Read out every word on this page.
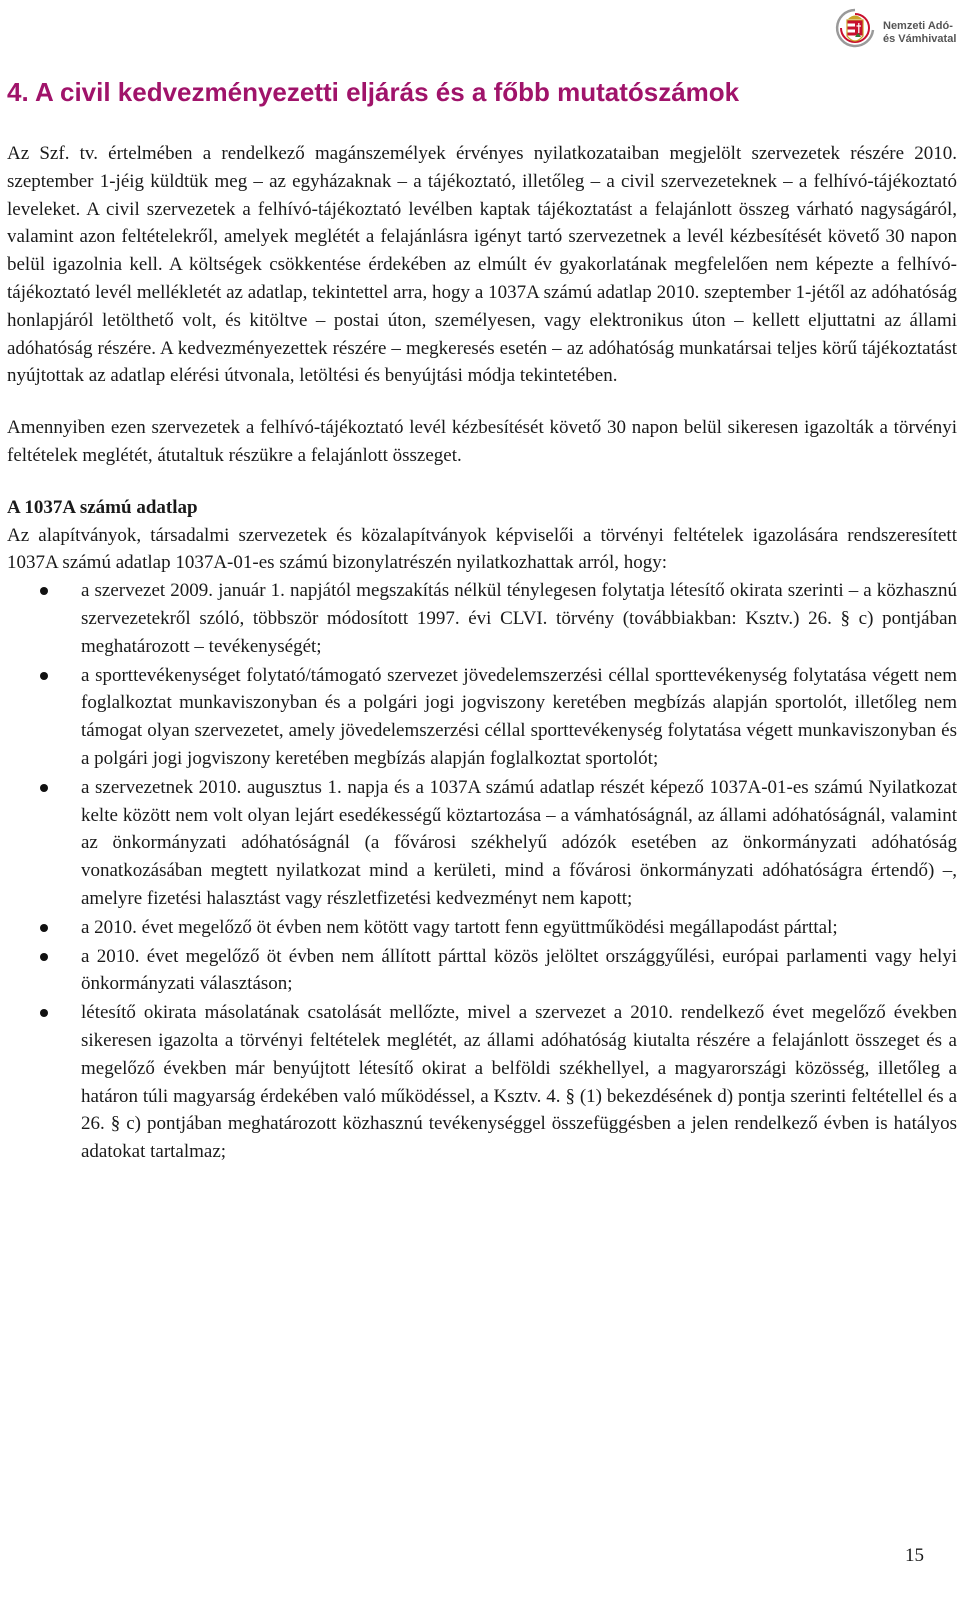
Nemzeti Adó-
és Vámhivatal
4. A civil kedvezményezetti eljárás és a főbb mutatószámok

Az Szf. tv. értelmében a rendelkező magánszemélyek érvényes nyilatkozataiban megjelölt szervezetek részére 2010. szeptember 1-jéig küldtük meg – az egyházaknak – a tájékoztató, illetőleg – a civil szervezeteknek – a felhívó-tájékoztató leveleket. A civil szervezetek a felhívó-tájékoztató levélben kaptak tájékoztatást a felajánlott összeg várható nagyságáról, valamint azon feltételekről, amelyek meglétét a felajánlásra igényt tartó szervezetnek a levél kézbesítését követő 30 napon belül igazolnia kell. A költségek csökkentése érdekében az elmúlt év gyakorlatának megfelelően nem képezte a felhívó-tájékoztató levél mellékletét az adatlap, tekintettel arra, hogy a 1037A számú adatlap 2010. szeptember 1-jétől az adóhatóság honlapjáról letölthető volt, és kitöltve – postai úton, személyesen, vagy elektronikus úton – kellett eljuttatni az állami adóhatóság részére. A kedvezményezettek részére – megkeresés esetén – az adóhatóság munkatársai teljes körű tájékoztatást nyújtottak az adatlap elérési útvonala, letöltési és benyújtási módja tekintetében.

Amennyiben ezen szervezetek a felhívó-tájékoztató levél kézbesítését követő 30 napon belül sikeresen igazolták a törvényi feltételek meglétét, átutaltuk részükre a felajánlott összeget.

A 1037A számú adatlap
Az alapítványok, társadalmi szervezetek és közalapítványok képviselői a törvényi feltételek igazolására rendszeresített 1037A számú adatlap 1037A-01-es számú bizonylatrészén nyilatkozhattak arról, hogy:

a szervezet 2009. január 1. napjától megszakítás nélkül ténylegesen folytatja létesítő okirata szerinti – a közhasznú szervezetekről szóló, többször módosított 1997. évi CLVI. törvény (továbbiakban: Ksztv.) 26. § c) pontjában meghatározott – tevékenységét;
a sporttevékenységet folytató/támogató szervezet jövedelemszerzési céllal sporttevékenység folytatása végett nem foglalkoztat munkaviszonyban és a polgári jogi jogviszony keretében megbízás alapján sportolót, illetőleg nem támogat olyan szervezetet, amely jövedelemszerzési céllal sporttevékenység folytatása végett munkaviszonyban és a polgári jogi jogviszony keretében megbízás alapján foglalkoztat sportolót;
a szervezetnek 2010. augusztus 1. napja és a 1037A számú adatlap részét képező 1037A-01-es számú Nyilatkozat kelte között nem volt olyan lejárt esedékességű köztartozása – a vámhatóságnál, az állami adóhatóságnál, valamint az önkormányzati adóhatóságnál (a fővárosi székhelyű adózók esetében az önkormányzati adóhatóság vonatkozásában megtett nyilatkozat mind a kerületi, mind a fővárosi önkormányzati adóhatóságra értendő) –, amelyre fizetési halasztást vagy részletfizetési kedvezményt nem kapott;
a 2010. évet megelőző öt évben nem kötött vagy tartott fenn együttműködési megállapodást párttal;
a 2010. évet megelőző öt évben nem állított párttal közös jelöltet országgyűlési, európai parlamenti vagy helyi önkormányzati választáson;
létesítő okirata másolatának csatolását mellőzte, mivel a szervezet a 2010. rendelkező évet megelőző években sikeresen igazolta a törvényi feltételek meglétét, az állami adóhatóság kiutalta részére a felajánlott összeget és a megelőző években már benyújtott létesítő okirat a belföldi székhellyel, a magyarországi közösség, illetőleg a határon túli magyarság érdekében való működéssel, a Ksztv. 4. § (1) bekezdésének d) pontja szerinti feltétellel és a 26. § c) pontjában meghatározott közhasznú tevékenységgel összefüggésben a jelen rendelkező évben is hatályos adatokat tartalmaz;
15
